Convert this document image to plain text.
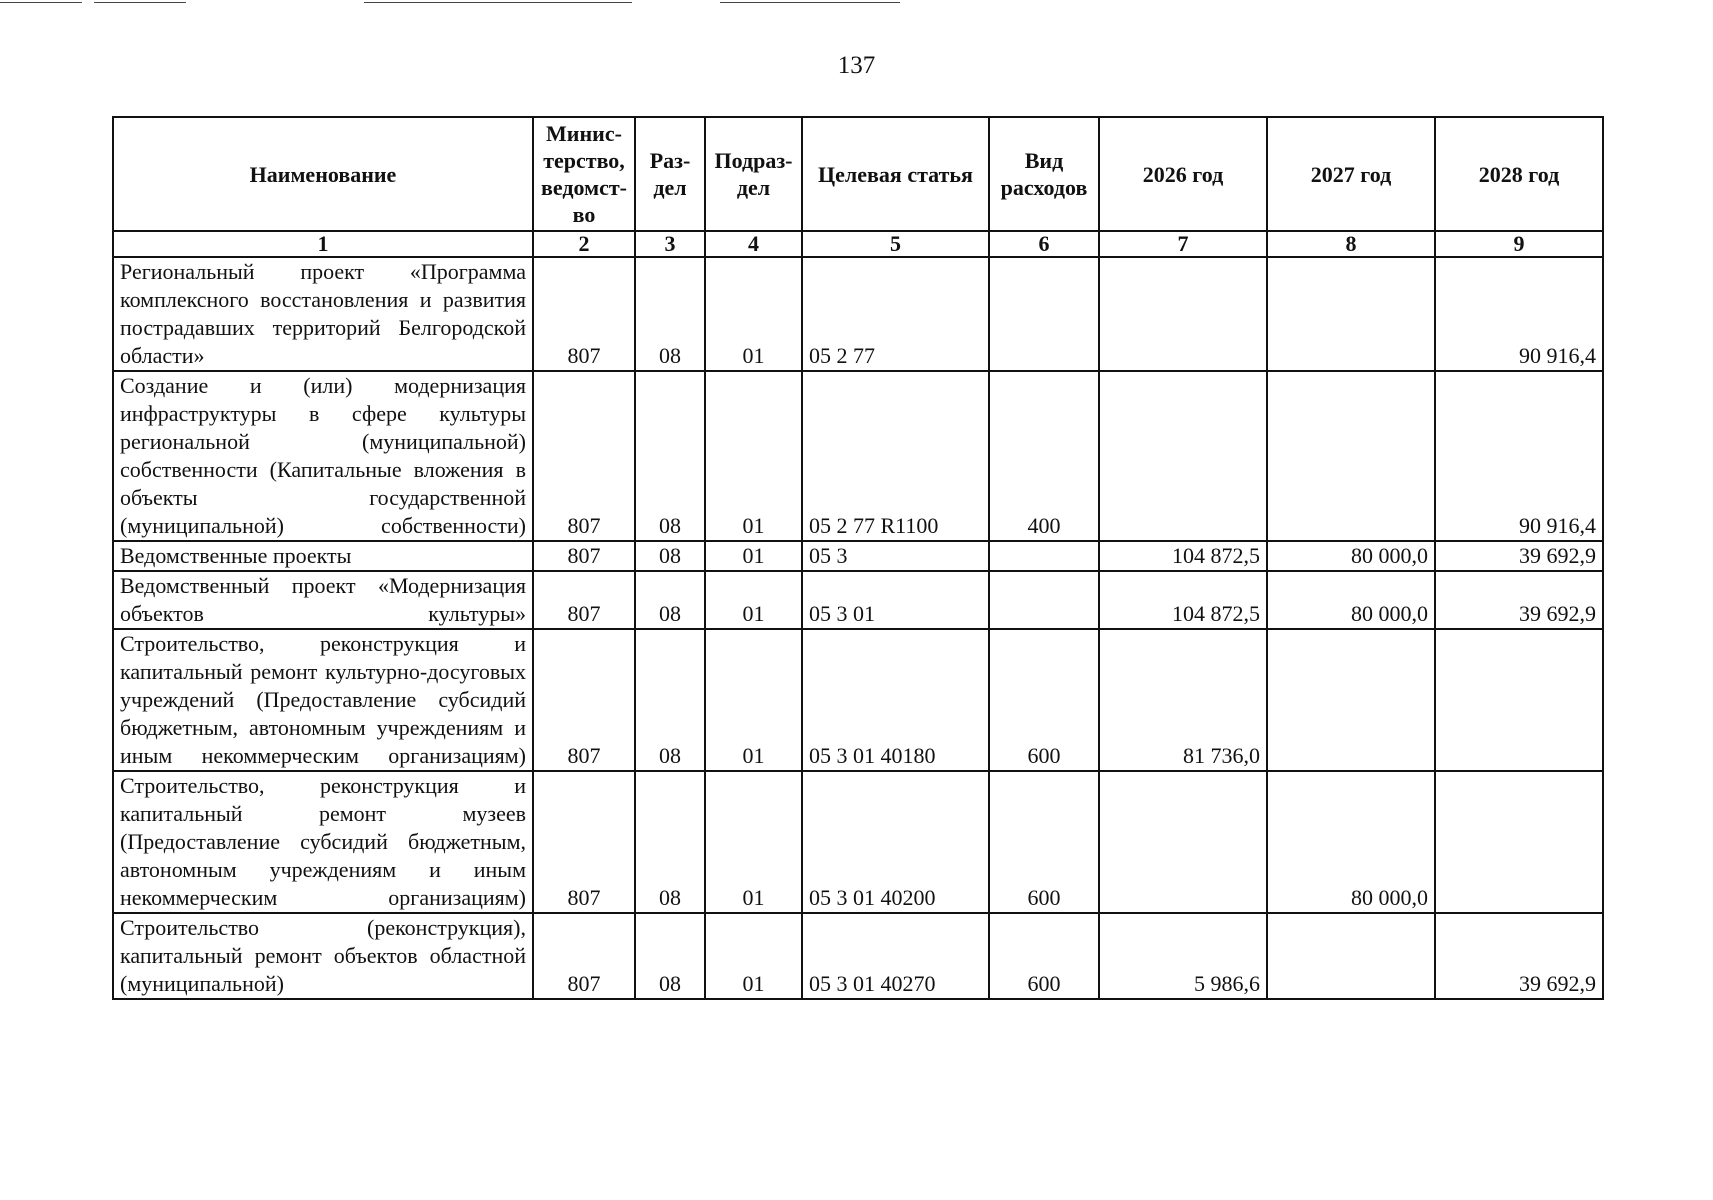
137
Наименование	Минис-терство, ведомст-во	Раз-дел	Подраз-дел	Целевая статья	Вид расходов	2026 год	2027 год	2028 год
1	2	3	4	5	6	7	8	9
Региональный проект «Программа комплексного восстановления и развития пострадавших территорий Белгородской области»	807	08	01	05 2 77				90 916,4
Создание и (или) модернизация инфраструктуры в сфере культуры региональной (муниципальной) собственности (Капитальные вложения в объекты государственной (муниципальной) собственности)	807	08	01	05 2 77 R1100	400			90 916,4
Ведомственные проекты	807	08	01	05 3		104 872,5	80 000,0	39 692,9
Ведомственный проект «Модернизация объектов культуры»	807	08	01	05 3 01		104 872,5	80 000,0	39 692,9
Строительство, реконструкция и капитальный ремонт культурно-досуговых учреждений (Предоставление субсидий бюджетным, автономным учреждениям и иным некоммерческим организациям)	807	08	01	05 3 01 40180	600	81 736,0		
Строительство, реконструкция и капитальный ремонт музеев (Предоставление субсидий бюджетным, автономным учреждениям и иным некоммерческим организациям)	807	08	01	05 3 01 40200	600		80 000,0	
Строительство (реконструкция), капитальный ремонт объектов областной (муниципальной)	807	08	01	05 3 01 40270	600	5 986,6		39 692,9
